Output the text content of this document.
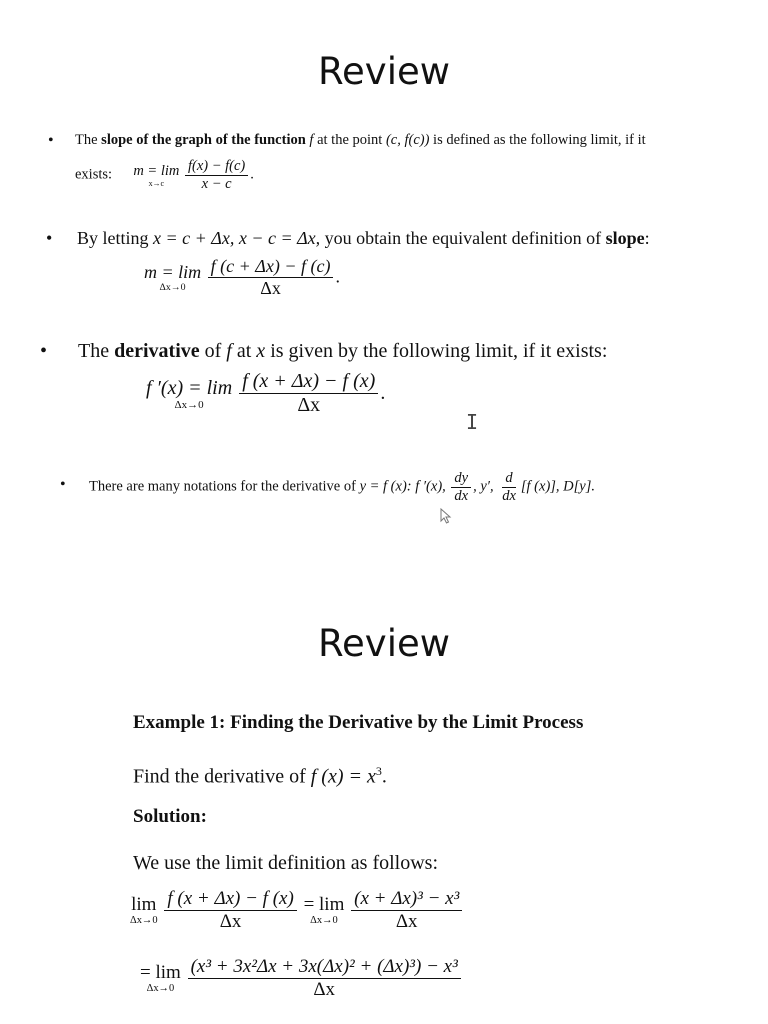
Review
• The slope of the graph of the function f at the point (c, f(c)) is defined as the following limit, if it
exists: m = lim
x→c
$\frac{f(x) - f(c)}{x - c}$ .
• By letting x = c + Δx, x − c = Δx, you obtain the equivalent definition of slope:
m = lim
Δx→0
$\frac{f (c + \Delta x) - f (c)}{\Delta x}$ .
• The derivative of f at x is given by the following limit, if it exists:
f ′(x) = lim
Δx→0
$\frac{f (x + \Delta x) - f (x)}{\Delta x}$ .
I
• There are many notations for the derivative of y = f (x): f ′(x), $\frac{dy}{dx}$ , y′, $\frac{d}{dx} [f$ (x)], D[y].
Review
Example 1: Finding the Derivative by the Limit Process
Find the derivative of f $(x) = x^3$.
Solution:
We use the limit definition as follows:
lim
Δx→0
$\frac{f (x + \Delta x) - f (x)}{\Delta x}$
= lim
Δx→0
$\frac{\text{(x + Δx)³ − x³}}{\Delta x}$
= lim
Δx→0
$\frac{\text{(x³ + 3x²Δx + 3x(Δx)² + (Δx)³) − x³}}{\Delta x}$
